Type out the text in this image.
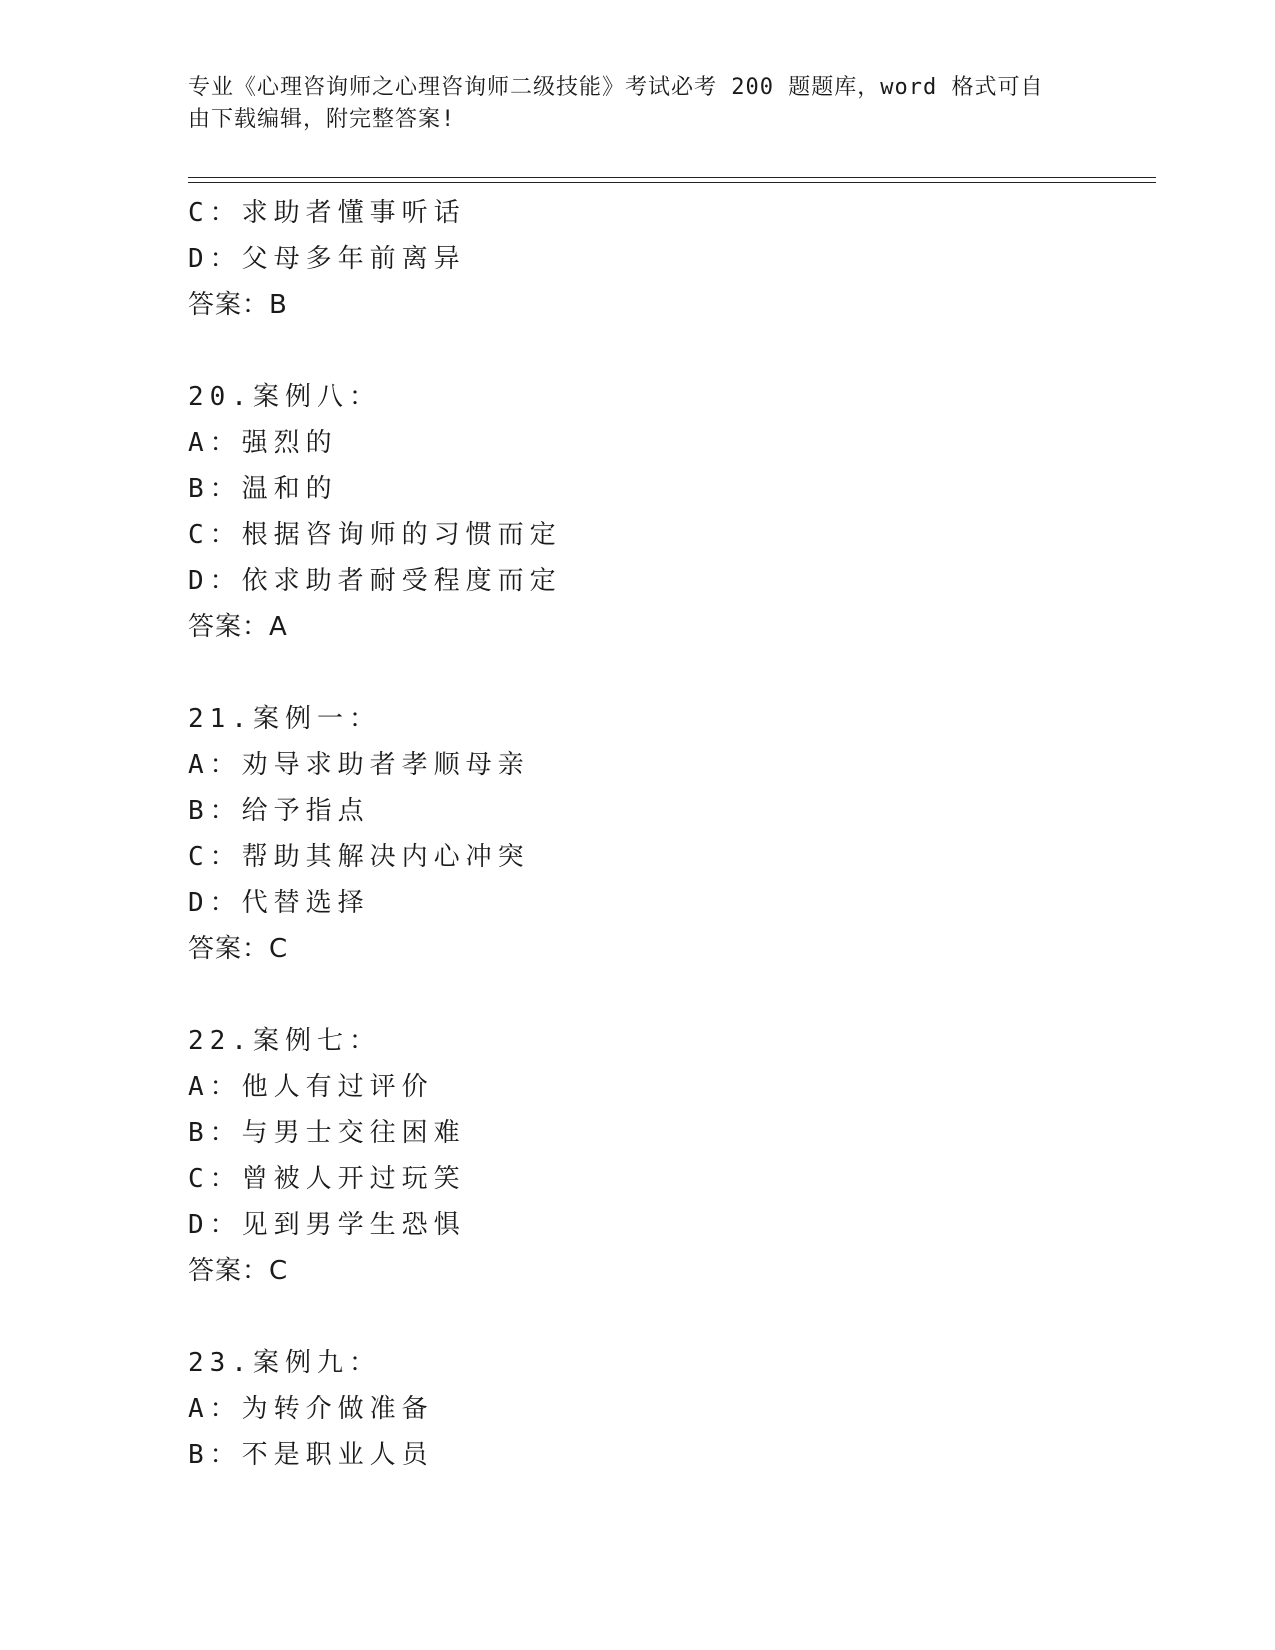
专业《心理咨询师之心理咨询师二级技能》考试必考 200 题题库，word 格式可自
由下载编辑，附完整答案!
C：求助者懂事听话
D：父母多年前离异
答案：B
20.案例八：
A：强烈的
B：温和的
C：根据咨询师的习惯而定
D：依求助者耐受程度而定
答案：A
21.案例一：
A：劝导求助者孝顺母亲
B：给予指点
C：帮助其解决内心冲突
D：代替选择
答案：C
22.案例七：
A：他人有过评价
B：与男士交往困难
C：曾被人开过玩笑
D：见到男学生恐惧
答案：C
23.案例九：
A：为转介做准备
B：不是职业人员
